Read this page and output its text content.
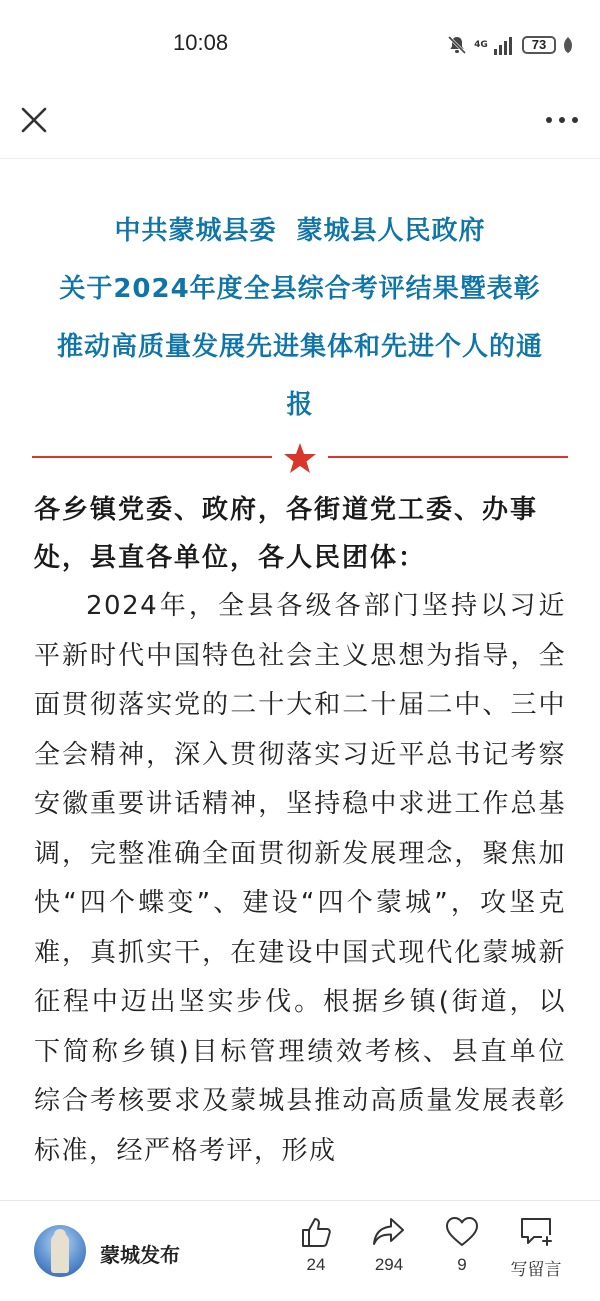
10:08	4G	73
中共蒙城县委  蒙城县人民政府
关于2024年度全县综合考评结果暨表彰
推动高质量发展先进集体和先进个人的通
报
各乡镇党委、政府，各街道党工委、办事处，县直各单位，各人民团体：

2024年，全县各级各部门坚持以习近平新时代中国特色社会主义思想为指导，全面贯彻落实党的二十大和二十届二中、三中全会精神，深入贯彻落实习近平总书记考察安徽重要讲话精神，坚持稳中求进工作总基调，完整准确全面贯彻新发展理念，聚焦加快“四个蝶变”、建设“四个蒙城”，攻坚克难，真抓实干，在建设中国式现代化蒙城新征程中迈出坚实步伐。根据乡镇(街道，以下简称乡镇)目标管理绩效考核、县直单位综合考核要求及蒙城县推动高质量发展表彰标准，经严格考评，形成

蒙城发布	24	294	9	写留言
